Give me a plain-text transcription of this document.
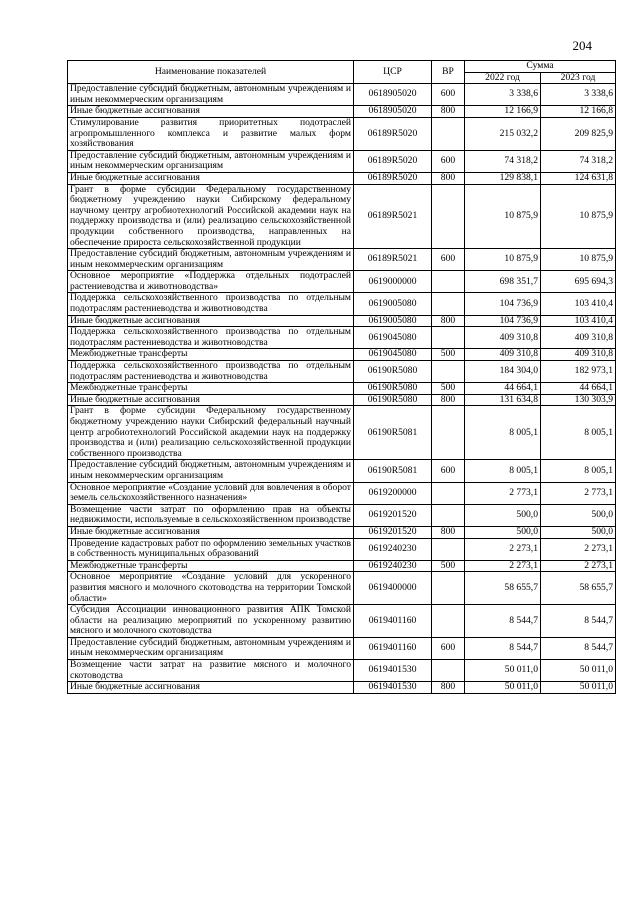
204
Наименование показателей	ЦСР	ВР	Сумма	
			2022 год	2023 год
Предоставление субсидий бюджетным, автономным учреждениям и иным некоммерческим организациям	0618905020	600	3 338,6	3 338,6
Иные бюджетные ассигнования	0618905020	800	12 166,9	12 166,8
Стимулирование развития приоритетных подотраслей агропромышленного комплекса и развитие малых форм хозяйствования	06189R5020		215 032,2	209 825,9
Предоставление субсидий бюджетным, автономным учреждениям и иным некоммерческим организациям	06189R5020	600	74 318,2	74 318,2
Иные бюджетные ассигнования	06189R5020	800	129 838,1	124 631,8
Грант в форме субсидии Федеральному государственному бюджетному учреждению науки Сибирскому федеральному научному центру агробиотехнологий Российской академии наук на поддержку производства и (или) реализацию сельскохозяйственной продукции собственного производства, направленных на обеспечение прироста сельскохозяйственной продукции	06189R5021		10 875,9	10 875,9
Предоставление субсидий бюджетным, автономным учреждениям и иным некоммерческим организациям	06189R5021	600	10 875,9	10 875,9
Основное мероприятие «Поддержка отдельных подотраслей растениеводства и животноводства»	0619000000		698 351,7	695 694,3
Поддержка сельскохозяйственного производства по отдельным подотраслям растениеводства и животноводства	0619005080		104 736,9	103 410,4
Иные бюджетные ассигнования	0619005080	800	104 736,9	103 410,4
Поддержка сельскохозяйственного производства по отдельным подотраслям растениеводства и животноводства	0619045080		409 310,8	409 310,8
Межбюджетные трансферты	0619045080	500	409 310,8	409 310,8
Поддержка сельскохозяйственного производства по отдельным подотраслям растениеводства и животноводства	06190R5080		184 304,0	182 973,1
Межбюджетные трансферты	06190R5080	500	44 664,1	44 664,1
Иные бюджетные ассигнования	06190R5080	800	131 634,8	130 303,9
Грант в форме субсидии Федеральному государственному бюджетному учреждению науки Сибирский федеральный научный центр агробиотехнологий Российской академии наук на поддержку производства и (или) реализацию сельскохозяйственной продукции собственного производства	06190R5081		8 005,1	8 005,1
Предоставление субсидий бюджетным, автономным учреждениям и иным некоммерческим организациям	06190R5081	600	8 005,1	8 005,1
Основное мероприятие «Создание условий для вовлечения в оборот земель сельскохозяйственного назначения»	0619200000		2 773,1	2 773,1
Возмещение части затрат по оформлению прав на объекты недвижимости, используемые в сельскохозяйственном производстве	0619201520		500,0	500,0
Иные бюджетные ассигнования	0619201520	800	500,0	500,0
Проведение кадастровых работ по оформлению земельных участков в собственность муниципальных образований	0619240230		2 273,1	2 273,1
Межбюджетные трансферты	0619240230	500	2 273,1	2 273,1
Основное мероприятие «Создание условий для ускоренного развития мясного и молочного скотоводства на территории Томской области»	0619400000		58 655,7	58 655,7
Субсидия Ассоциации инновационного развития АПК Томской области на реализацию мероприятий по ускоренному развитию мясного и молочного скотоводства	0619401160		8 544,7	8 544,7
Предоставление субсидий бюджетным, автономным учреждениям и иным некоммерческим организациям	0619401160	600	8 544,7	8 544,7
Возмещение части затрат на развитие мясного и молочного скотоводства	0619401530		50 011,0	50 011,0
Иные бюджетные ассигнования	0619401530	800	50 011,0	50 011,0
